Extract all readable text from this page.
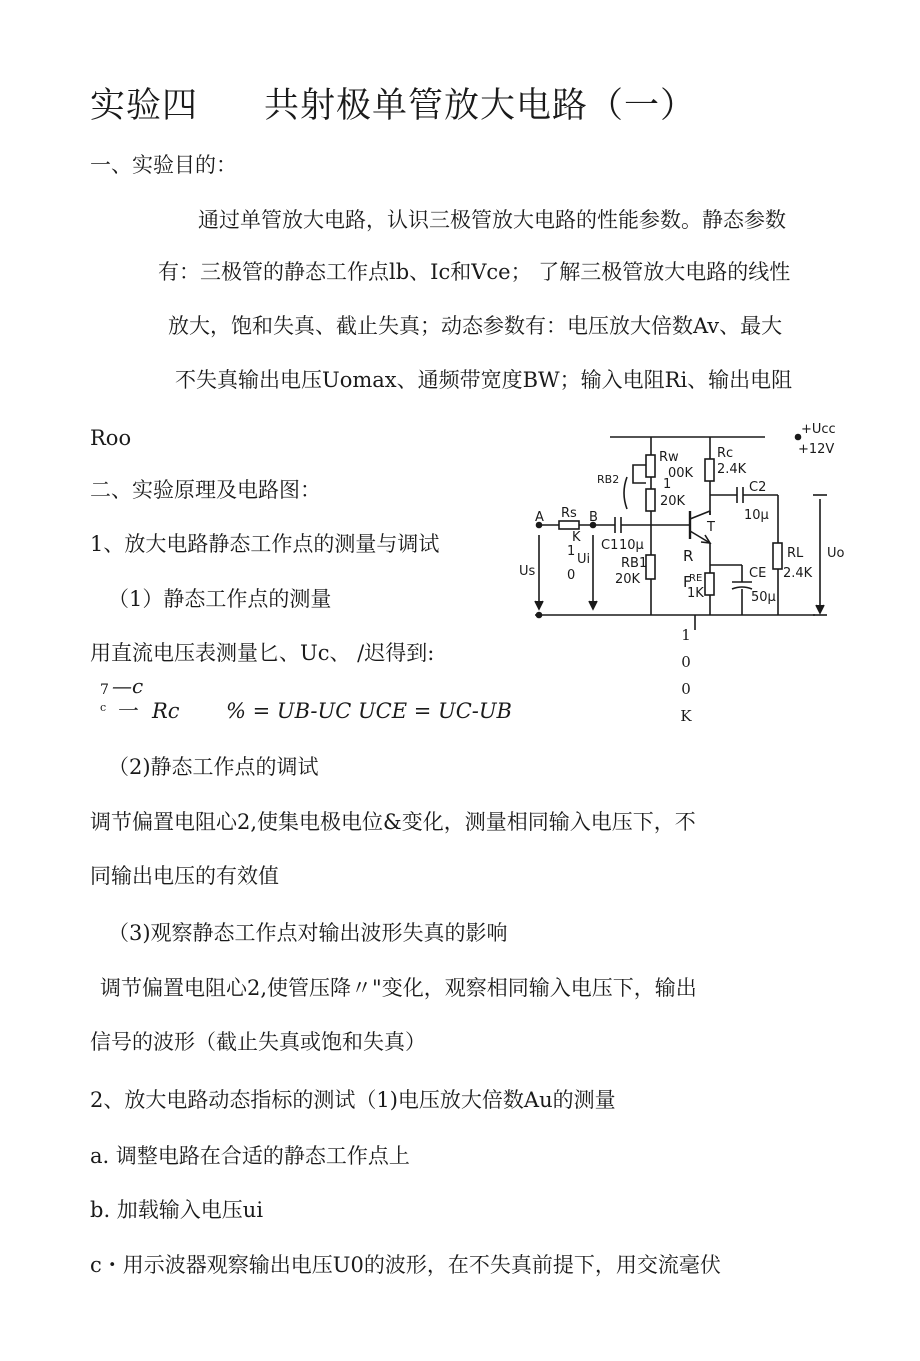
实验四 共射极单管放大电路（一）
一、实验目的：
通过单管放大电路，认识三极管放大电路的性能参数。静态参数
有：三极管的静态工作点lb、Ic和Vce； 了解三极管放大电路的线性
放大，饱和失真、截止失真；动态参数有：电压放大倍数Av、最大
不失真输出电压Uomax、通频带宽度BW；输入电阻Ri、输出电阻
Roo
二、实验原理及电路图：
1、放大电路静态工作点的测量与调试
（1）静态工作点的测量
用直流电压表测量匕、Uc、 /迟得到:
7 —c
c 一 Rc % = UB-UC UCE = UC-UB
（2)静态工作点的调试
调节偏置电阻心2,使集电极电位&变化，测量相同输入电压下，不
同输出电压的有效值
（3)观察静态工作点对输出波形失真的影响
调节偏置电阻心2,使管压降〃"变化，观察相同输入电压下，输出
信号的波形（截止失真或饱和失真）
2、放大电路动态指标的测试（1)电压放大倍数Au的测量
a. 调整电路在合适的静态工作点上
b. 加载输入电压ui
c・用示波器观察输出电压U0的波形，在不失真前提下，用交流毫伏
+Ucc
+12V
Rw
00K
1
RB2
20K
Rc
2.4K
C2
10μ
A Rs
K
1
B
C1 10μ
T
RB1
20K
R
F
RE
1K
CE
50μ
RL
2.4K
Us
Ui
0
Uo
1
0
0
K
